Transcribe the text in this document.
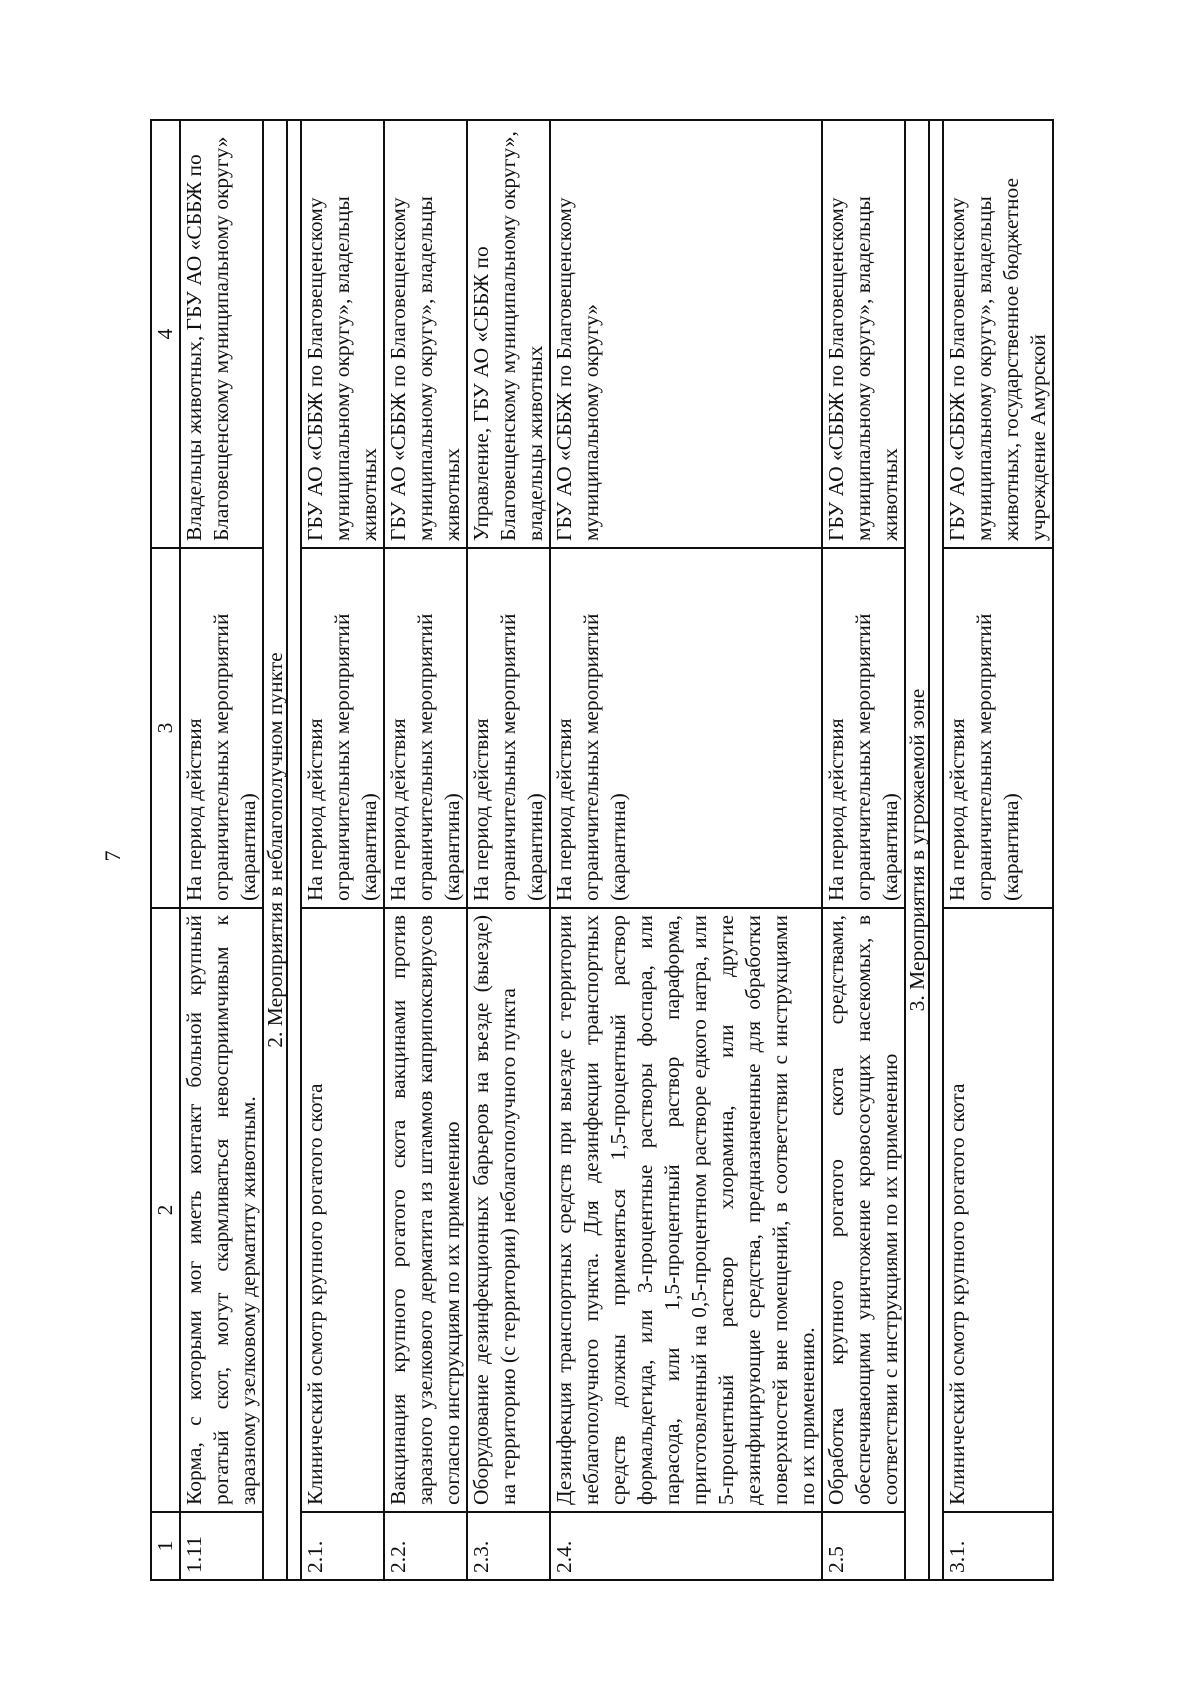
7
1	2	3	4
1.11	Корма, с которыми мог иметь контакт больной крупный рогатый скот, могут скармливаться невосприимчивым к заразному узелковому дерматиту животным.	На период действия ограничительных мероприятий (карантина)	Владельцы животных, ГБУ АО «СББЖ по Благовещенскому муниципальному округу»
2. Мероприятия в неблагополучном пункте			

2.1.	Клинический осмотр крупного рогатого скота	На период действия ограничительных мероприятий (карантина)	ГБУ АО «СББЖ по Благовещенскому муниципальному округу», владельцы животных
2.2.	Вакцинация крупного рогатого скота вакцинами против заразного узелкового дерматита из штаммов каприпоксвирусов согласно инструкциям по их применению	На период действия ограничительных мероприятий (карантина)	ГБУ АО «СББЖ по Благовещенскому муниципальному округу», владельцы животных
2.3.	Оборудование дезинфекционных барьеров на въезде (выезде) на территорию (с территории) неблагополучного пункта	На период действия ограничительных мероприятий (карантина)	Управление, ГБУ АО «СББЖ по Благовещенскому муниципальному округу», владельцы животных
2.4.	Дезинфекция транспортных средств при выезде с территории неблагополучного пункта. Для дезинфекции транспортных средств должны применяться 1,5-процентный раствор формальдегида, или 3-процентные растворы фоспара, или парасода, или 1,5-процентный раствор параформа, приготовленный на 0,5-процентном растворе едкого натра, или 5-процентный раствор хлорамина, или другие дезинфицирующие средства, предназначенные для обработки поверхностей вне помещений, в соответствии с инструкциями по их применению.	На период действия ограничительных мероприятий (карантина)	ГБУ АО «СББЖ по Благовещенскому муниципальному округу»
2.5	Обработка крупного рогатого скота средствами, обеспечивающими уничтожение кровососущих насекомых, в соответствии с инструкциями по их применению	На период действия ограничительных мероприятий (карантина)	ГБУ АО «СББЖ по Благовещенскому муниципальному округу», владельцы животных
3. Мероприятия в угрожаемой зоне			

3.1.	Клинический осмотр крупного рогатого скота	На период действия ограничительных мероприятий (карантина)	ГБУ АО «СББЖ по Благовещенскому муниципальному округу», владельцы животных, государственное бюджетное учреждение Амурской
